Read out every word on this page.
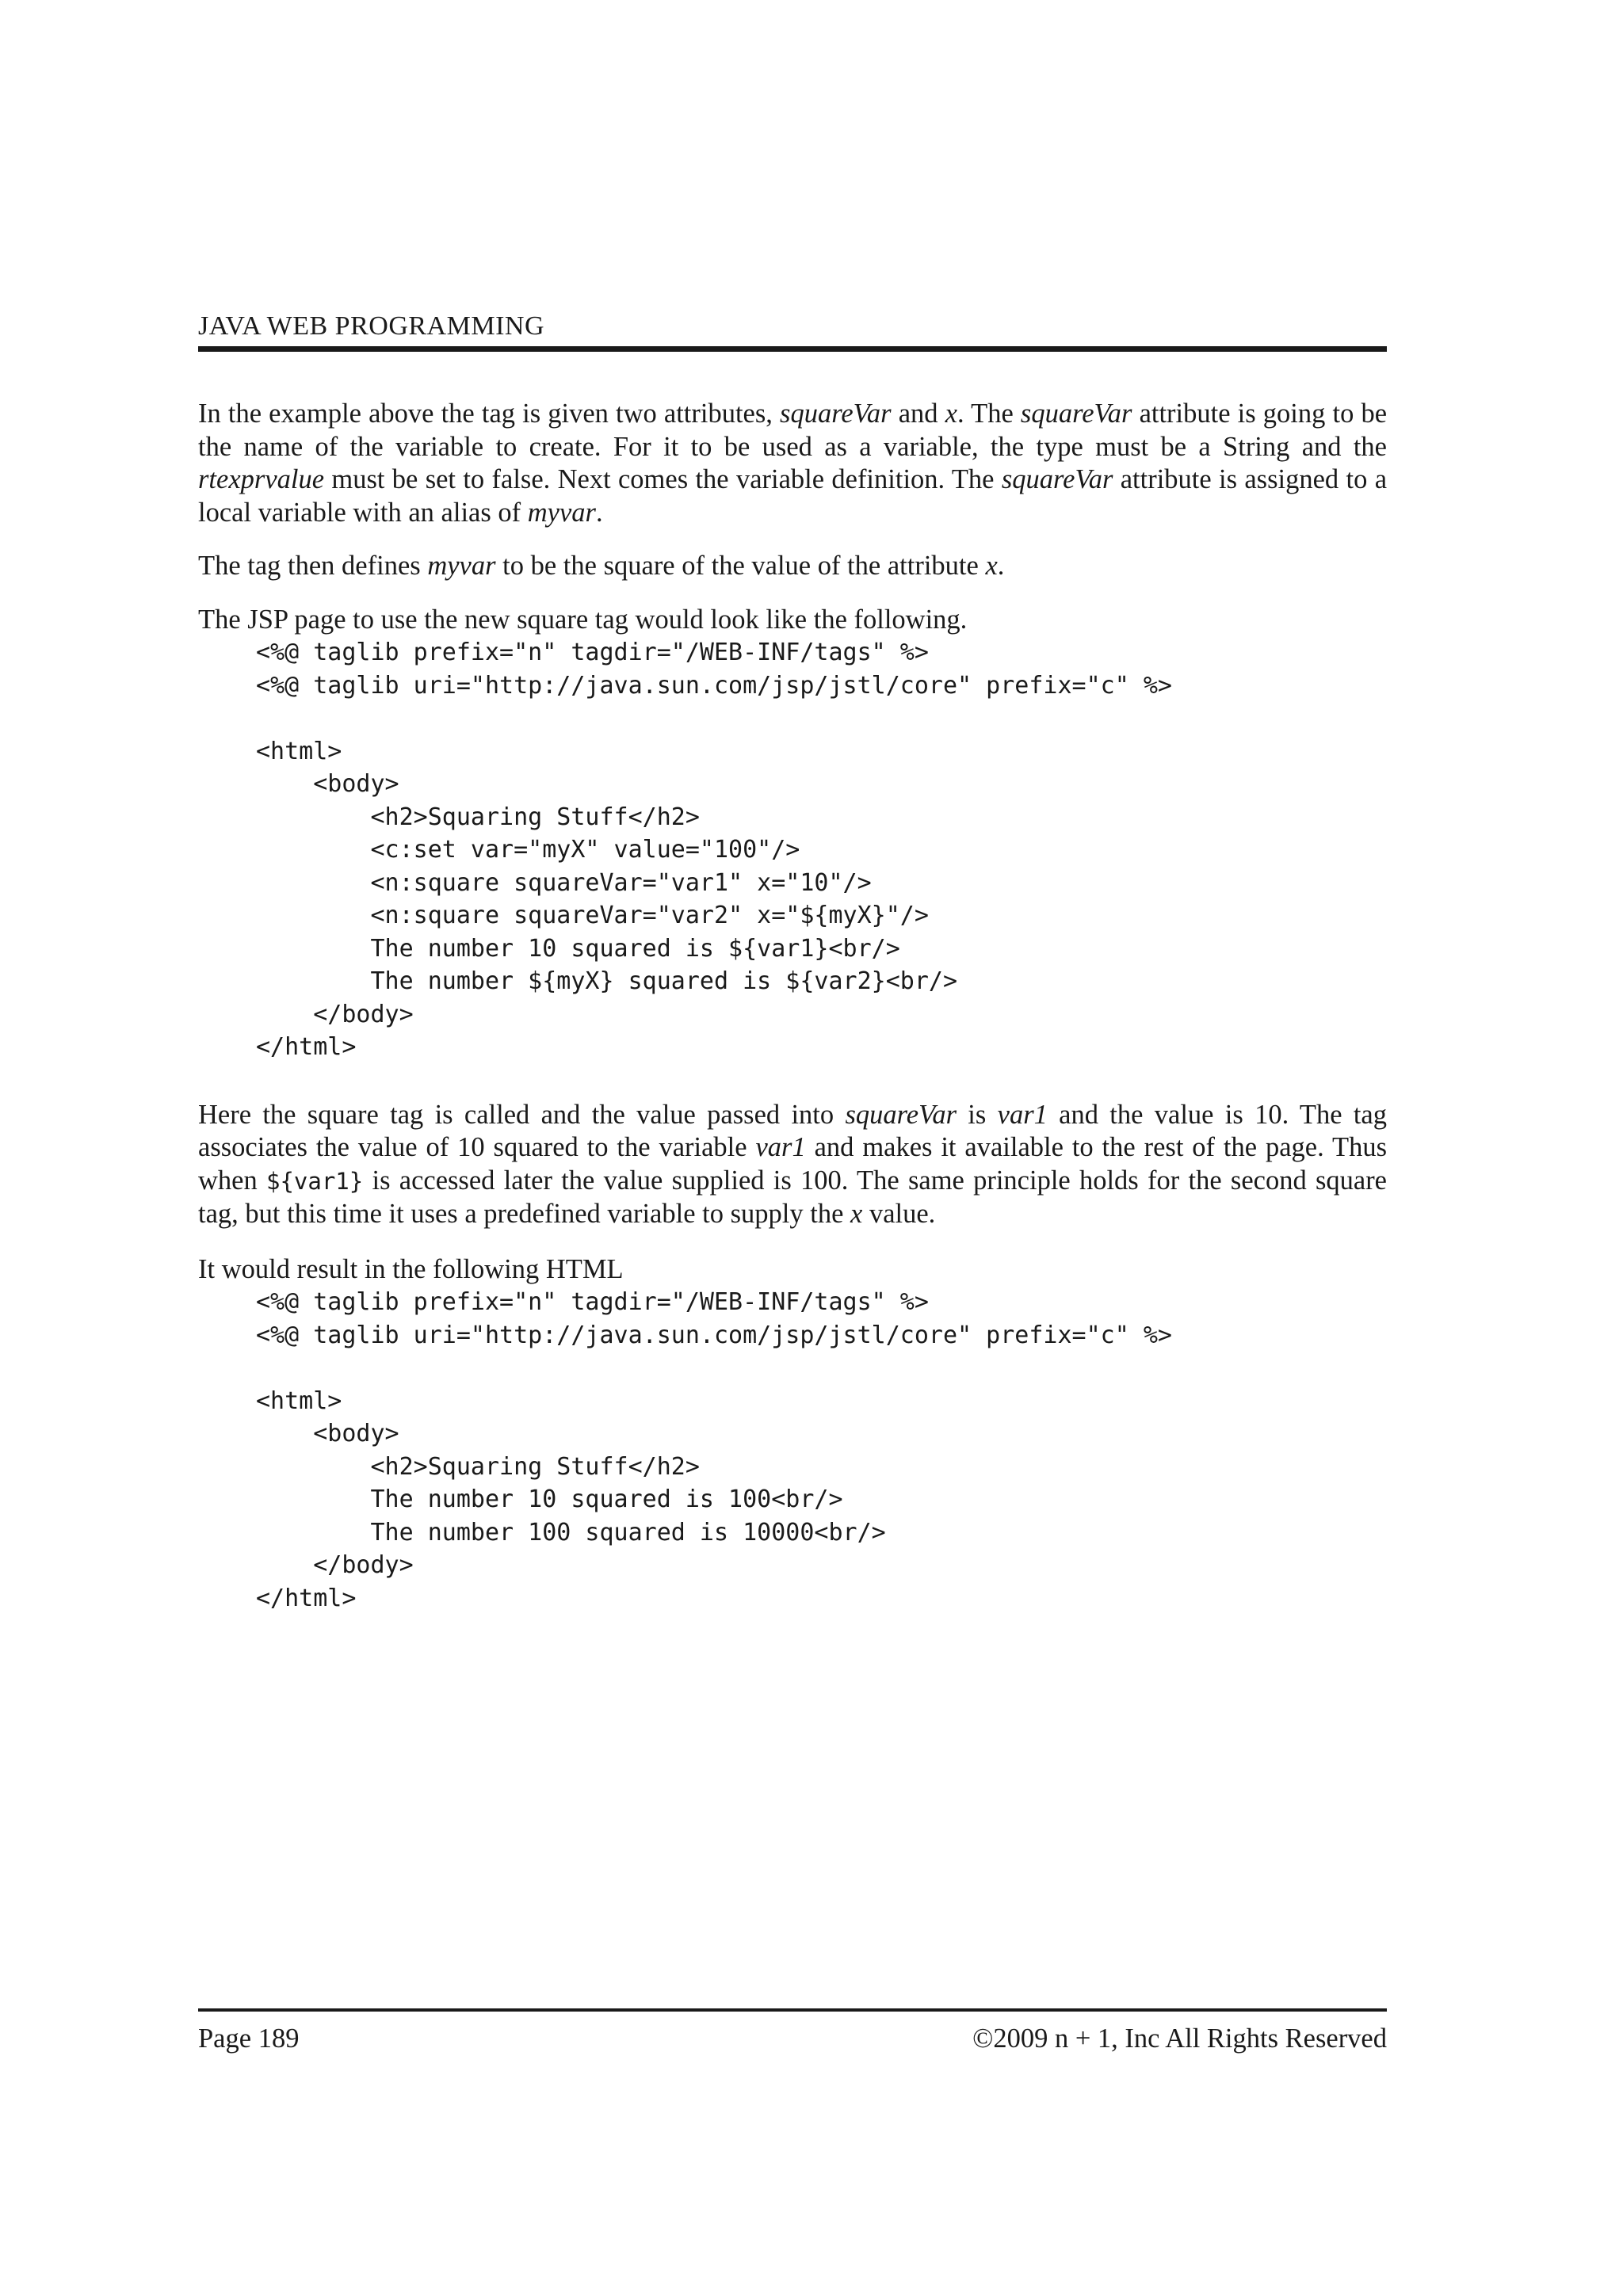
JAVA WEB PROGRAMMING

In the example above the tag is given two attributes, squareVar and x. The squareVar attribute is going to be the name of the variable to create. For it to be used as a variable, the type must be a String and the rtexprvalue must be set to false. Next comes the variable definition. The squareVar attribute is assigned to a local variable with an alias of myvar.

The tag then defines myvar to be the square of the value of the attribute x.

The JSP page to use the new square tag would look like the following.

<%@ taglib prefix="n" tagdir="/WEB-INF/tags" %>
<%@ taglib uri="http://java.sun.com/jsp/jstl/core" prefix="c" %>

<html>
<body>
<h2>Squaring Stuff</h2>
<c:set var="myX" value="100"/>
<n:square squareVar="var1" x="10"/>
<n:square squareVar="var2" x="${myX}"/>
The number 10 squared is ${var1}<br/>
The number ${myX} squared is ${var2}<br/>
</body>
</html>

Here the square tag is called and the value passed into squareVar is var1 and the value is 10. The tag associates the value of 10 squared to the variable var1 and makes it available to the rest of the page. Thus when ${var1} is accessed later the value supplied is 100. The same principle holds for the second square tag, but this time it uses a predefined variable to supply the x value.

It would result in the following HTML

<%@ taglib prefix="n" tagdir="/WEB-INF/tags" %>
<%@ taglib uri="http://java.sun.com/jsp/jstl/core" prefix="c" %>

<html>
<body>
<h2>Squaring Stuff</h2>
The number 10 squared is 100<br/>
The number 100 squared is 10000<br/>
</body>
</html>
Page 189	©2009 n + 1, Inc All Rights Reserved
